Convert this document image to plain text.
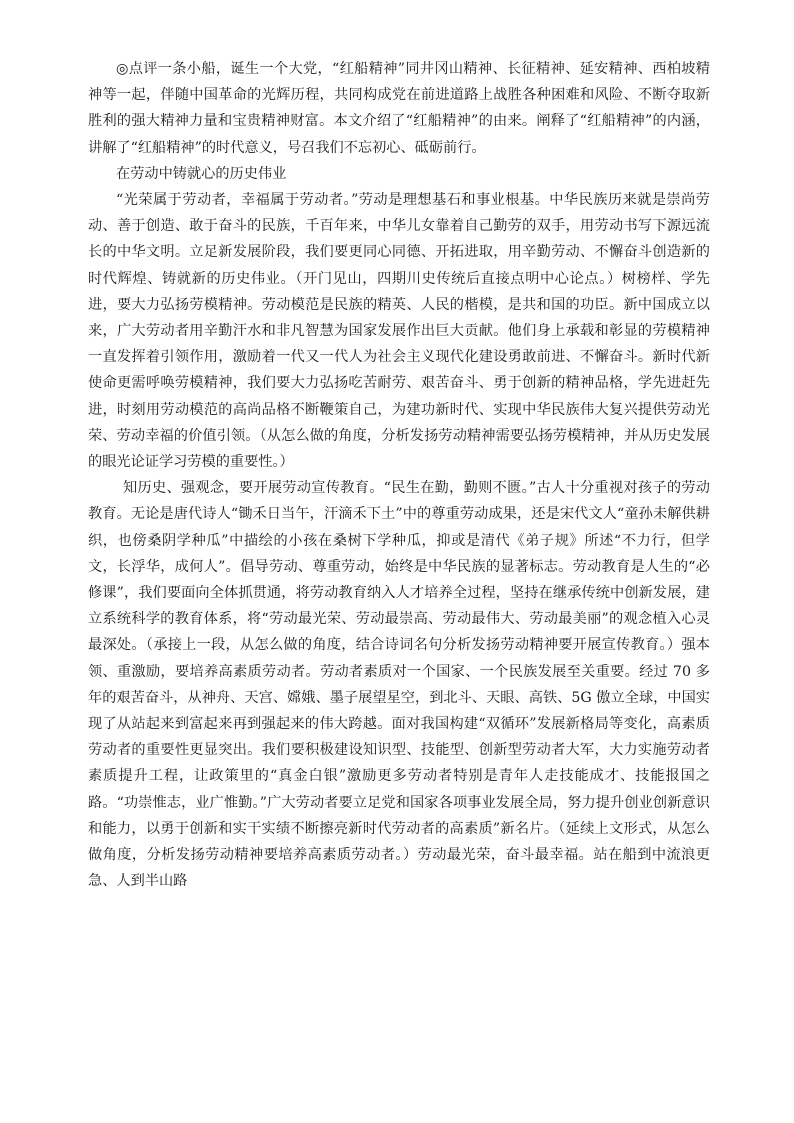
◎点评一条小船，诞生一个大党，“红船精神”同井冈山精神、长征精神、延安精神、西柏坡精神等一起，伴随中国革命的光辉历程，共同构成党在前进道路上战胜各种困难和风险、不断夺取新胜利的强大精神力量和宝贵精神财富。本文介绍了“红船精神”的由来。阐释了“红船精神”的内涵，讲解了“红船精神”的时代意义，号召我们不忘初心、砥砺前行。

在劳动中铸就心的历史伟业

“光荣属于劳动者，幸福属于劳动者。”劳动是理想基石和事业根基。中华民族历来就是崇尚劳动、善于创造、敢于奋斗的民族，千百年来，中华儿女靠着自己勤劳的双手，用劳动书写下源远流长的中华文明。立足新发展阶段，我们要更同心同德、开拓进取，用辛勤劳动、不懈奋斗创造新的时代辉煌、铸就新的历史伟业。（开门见山，四期川史传统后直接点明中心论点。）树榜样、学先进，要大力弘扬劳模精神。劳动模范是民族的精英、人民的楷模，是共和国的功臣。新中国成立以来，广大劳动者用辛勤汗水和非凡智慧为国家发展作出巨大贡献。他们身上承载和彰显的劳模精神一直发挥着引领作用，激励着一代又一代人为社会主义现代化建设勇敢前进、不懈奋斗。新时代新使命更需呼唤劳模精神，我们要大力弘扬吃苦耐劳、艰苦奋斗、勇于创新的精神品格，学先进赶先进，时刻用劳动模范的高尚品格不断鞭策自己，为建功新时代、实现中华民族伟大复兴提供劳动光荣、劳动幸福的价值引领。（从怎么做的角度，分析发扬劳动精神需要弘扬劳模精神，并从历史发展的眼光论证学习劳模的重要性。）

知历史、强观念，要开展劳动宣传教育。“民生在勤，勤则不匮。”古人十分重视对孩子的劳动教育。无论是唐代诗人“锄禾日当午，汗滴禾下土”中的尊重劳动成果，还是宋代文人“童孙未解供耕织，也傍桑阴学种瓜”中描绘的小孩在桑树下学种瓜，抑或是清代《弟子规》所述“不力行，但学文，长浮华，成何人”。倡导劳动、尊重劳动，始终是中华民族的显著标志。劳动教育是人生的“必修课”，我们要面向全体抓贯通，将劳动教育纳入人才培养全过程，坚持在继承传统中创新发展，建立系统科学的教育体系，将“劳动最光荣、劳动最崇高、劳动最伟大、劳动最美丽”的观念植入心灵最深处。（承接上一段，从怎么做的角度，结合诗词名句分析发扬劳动精神要开展宣传教育。）强本领、重激励，要培养高素质劳动者。劳动者素质对一个国家、一个民族发展至关重要。经过 70 多年的艰苦奋斗，从神舟、天宫、嫦娥、墨子展望星空，到北斗、天眼、高铁、5G 傲立全球，中国实现了从站起来到富起来再到强起来的伟大跨越。面对我国构建“双循环”发展新格局等变化，高素质劳动者的重要性更显突出。我们要积极建设知识型、技能型、创新型劳动者大军，大力实施劳动者素质提升工程，让政策里的“真金白银”激励更多劳动者特别是青年人走技能成才、技能报国之路。“功崇惟志，业广惟勤。”广大劳动者要立足党和国家各项事业发展全局，努力提升创业创新意识和能力，以勇于创新和实干实绩不断擦亮新时代劳动者的高素质”新名片。（延续上文形式，从怎么做角度，分析发扬劳动精神要培养高素质劳动者。）劳动最光荣，奋斗最幸福。站在船到中流浪更急、人到半山路
